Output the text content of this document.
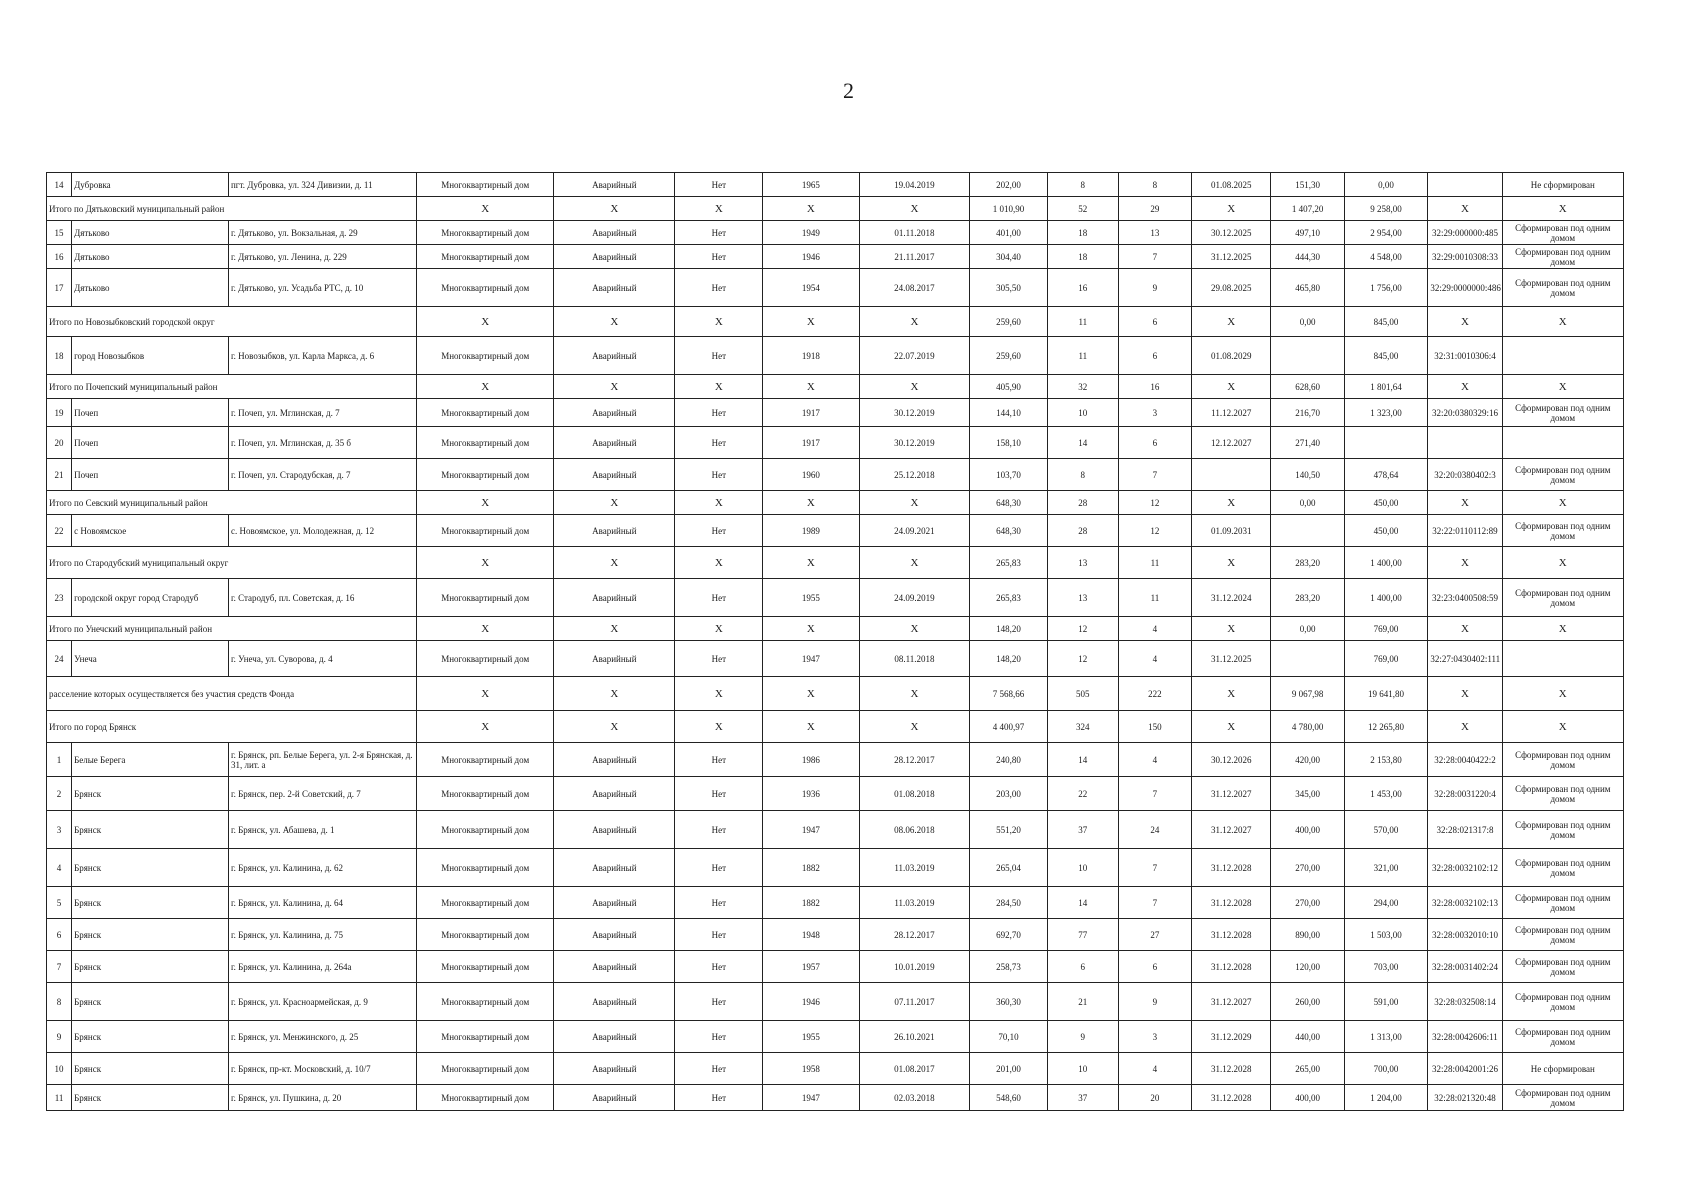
2
14	Дубровка	пгт. Дубровка, ул. 324 Дивизии, д. 11	Многоквартирный дом	Аварийный	Нет	1965	19.04.2019	202,00	8	8	01.08.2025	151,30	0,00		Не сформирован
Итого по Дятьковский муниципальный район			X	X	X	X	X	1 010,90	52	29	X	1 407,20	9 258,00	X	X
15	Дятьково	г. Дятьково, ул. Вокзальная, д. 29	Многоквартирный дом	Аварийный	Нет	1949	01.11.2018	401,00	18	13	30.12.2025	497,10	2 954,00	32:29:000000:485	Сформирован под одним домом
16	Дятьково	г. Дятьково, ул. Ленина, д. 229	Многоквартирный дом	Аварийный	Нет	1946	21.11.2017	304,40	18	7	31.12.2025	444,30	4 548,00	32:29:0010308:33	Сформирован под одним домом
17	Дятьково	г. Дятьково, ул. Усадьба РТС, д. 10	Многоквартирный дом	Аварийный	Нет	1954	24.08.2017	305,50	16	9	29.08.2025	465,80	1 756,00	32:29:0000000:486	Сформирован под одним домом
Итого по Новозыбковский городской округ			X	X	X	X	X	259,60	11	6	X	0,00	845,00	X	X
18	город Новозыбков	г. Новозыбков, ул. Карла Маркса, д. 6	Многоквартирный дом	Аварийный	Нет	1918	22.07.2019	259,60	11	6	01.08.2029		845,00	32:31:0010306:4	
Итого по Почепский муниципальный район			X	X	X	X	X	405,90	32	16	X	628,60	1 801,64	X	X
19	Почеп	г. Почеп, ул. Мглинская, д. 7	Многоквартирный дом	Аварийный	Нет	1917	30.12.2019	144,10	10	3	11.12.2027	216,70	1 323,00	32:20:0380329:16	Сформирован под одним домом
20	Почеп	г. Почеп, ул. Мглинская, д. 35 б	Многоквартирный дом	Аварийный	Нет	1917	30.12.2019	158,10	14	6	12.12.2027	271,40			
21	Почеп	г. Почеп, ул. Стародубская, д. 7	Многоквартирный дом	Аварийный	Нет	1960	25.12.2018	103,70	8	7		140,50	478,64	32:20:0380402:3	Сформирован под одним домом
Итого по Севский муниципальный район			X	X	X	X	X	648,30	28	12	X	0,00	450,00	X	X
22	с Новоямское	с. Новоямское, ул. Молодежная, д. 12	Многоквартирный дом	Аварийный	Нет	1989	24.09.2021	648,30	28	12	01.09.2031		450,00	32:22:0110112:89	Сформирован под одним домом
Итого по Стародубский муниципальный округ			X	X	X	X	X	265,83	13	11	X	283,20	1 400,00	X	X
23	городской округ город Стародуб	г. Стародуб, пл. Советская, д. 16	Многоквартирный дом	Аварийный	Нет	1955	24.09.2019	265,83	13	11	31.12.2024	283,20	1 400,00	32:23:0400508:59	Сформирован под одним домом
Итого по Унечский муниципальный район			X	X	X	X	X	148,20	12	4	X	0,00	769,00	X	X
24	Унеча	г. Унеча, ул. Суворова, д. 4	Многоквартирный дом	Аварийный	Нет	1947	08.11.2018	148,20	12	4	31.12.2025		769,00	32:27:0430402:111	
расселение которых осуществляется без участия средств Фонда			X	X	X	X	X	7 568,66	505	222	X	9 067,98	19 641,80	X	X
Итого по город Брянск			X	X	X	X	X	4 400,97	324	150	X	4 780,00	12 265,80	X	X
1	Белые Берега	г. Брянск, рп. Белые Берега, ул. 2-я Брянская, д. 31, лит. а	Многоквартирный дом	Аварийный	Нет	1986	28.12.2017	240,80	14	4	30.12.2026	420,00	2 153,80	32:28:0040422:2	Сформирован под одним домом
2	Брянск	г. Брянск, пер. 2-й Советский, д. 7	Многоквартирный дом	Аварийный	Нет	1936	01.08.2018	203,00	22	7	31.12.2027	345,00	1 453,00	32:28:0031220:4	Сформирован под одним домом
3	Брянск	г. Брянск, ул. Абашева, д. 1	Многоквартирный дом	Аварийный	Нет	1947	08.06.2018	551,20	37	24	31.12.2027	400,00	570,00	32:28:021317:8	Сформирован под одним домом
4	Брянск	г. Брянск, ул. Калинина, д. 62	Многоквартирный дом	Аварийный	Нет	1882	11.03.2019	265,04	10	7	31.12.2028	270,00	321,00	32:28:0032102:12	Сформирован под одним домом
5	Брянск	г. Брянск, ул. Калинина, д. 64	Многоквартирный дом	Аварийный	Нет	1882	11.03.2019	284,50	14	7	31.12.2028	270,00	294,00	32:28:0032102:13	Сформирован под одним домом
6	Брянск	г. Брянск, ул. Калинина, д. 75	Многоквартирный дом	Аварийный	Нет	1948	28.12.2017	692,70	77	27	31.12.2028	890,00	1 503,00	32:28:0032010:10	Сформирован под одним домом
7	Брянск	г. Брянск, ул. Калинина, д. 264а	Многоквартирный дом	Аварийный	Нет	1957	10.01.2019	258,73	6	6	31.12.2028	120,00	703,00	32:28:0031402:24	Сформирован под одним домом
8	Брянск	г. Брянск, ул. Красноармейская, д. 9	Многоквартирный дом	Аварийный	Нет	1946	07.11.2017	360,30	21	9	31.12.2027	260,00	591,00	32:28:032508:14	Сформирован под одним домом
9	Брянск	г. Брянск, ул. Менжинского, д. 25	Многоквартирный дом	Аварийный	Нет	1955	26.10.2021	70,10	9	3	31.12.2029	440,00	1 313,00	32:28:0042606:11	Сформирован под одним домом
10	Брянск	г. Брянск, пр-кт. Московский, д. 10/7	Многоквартирный дом	Аварийный	Нет	1958	01.08.2017	201,00	10	4	31.12.2028	265,00	700,00	32:28:0042001:26	Не сформирован
11	Брянск	г. Брянск, ул. Пушкина, д. 20	Многоквартирный дом	Аварийный	Нет	1947	02.03.2018	548,60	37	20	31.12.2028	400,00	1 204,00	32:28:021320:48	Сформирован под одним домом
